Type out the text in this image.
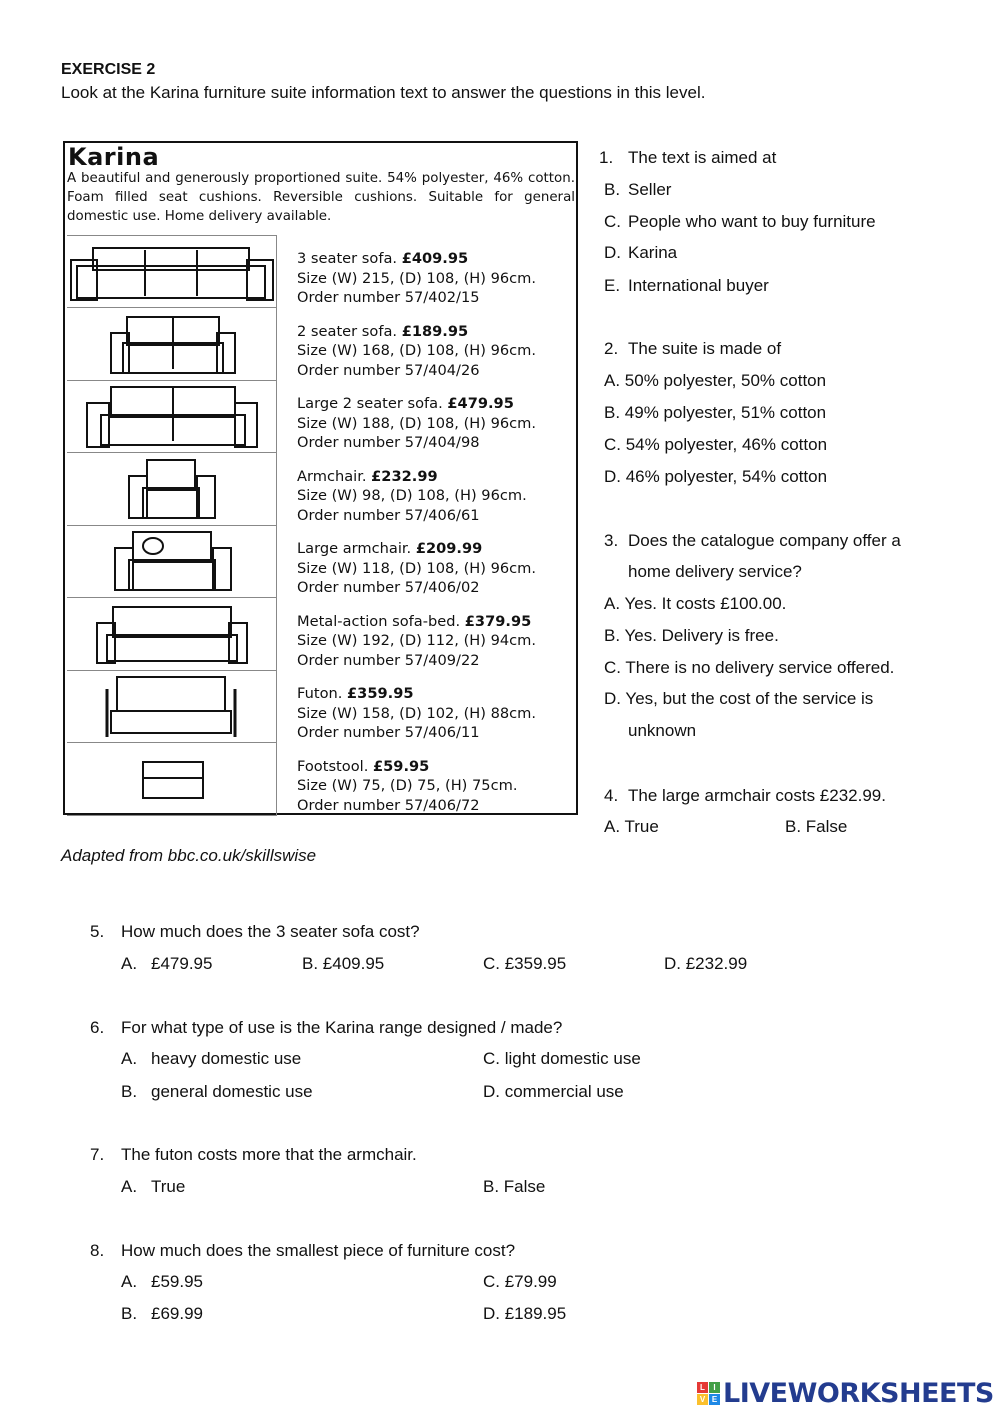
EXERCISE 2
Look at the Karina furniture suite information text to answer the questions in this level.
Karina
A beautiful and generously proportioned suite. 54% polyester, 46% cotton. Foam filled seat cushions. Reversible cushions. Suitable for general domestic use. Home delivery available.
3 seater sofa. £409.95
Size (W) 215, (D) 108, (H) 96cm.
Order number 57/402/15
2 seater sofa. £189.95
Size (W) 168, (D) 108, (H) 96cm.
Order number 57/404/26
Large 2 seater sofa. £479.95
Size (W) 188, (D) 108, (H) 96cm.
Order number 57/404/98
Armchair. £232.99
Size (W) 98, (D) 108, (H) 96cm.
Order number 57/406/61
Large armchair. £209.99
Size (W) 118, (D) 108, (H) 96cm.
Order number 57/406/02
Metal-action sofa-bed. £379.95
Size (W) 192, (D) 112, (H) 94cm.
Order number 57/409/22
Futon. £359.95
Size (W) 158, (D) 102, (H) 88cm.
Order number 57/406/11
Footstool. £59.95
Size (W) 75, (D) 75, (H) 75cm.
Order number 57/406/72
Adapted from bbc.co.uk/skillswise
1. The text is aimed at
B. Seller
C. People who want to buy furniture
D. Karina
E. International buyer
2. The suite is made of
A. 50% polyester, 50% cotton
B. 49% polyester, 51% cotton
C. 54% polyester, 46% cotton
D. 46% polyester, 54% cotton
3. Does the catalogue company offer a
home delivery service?
A. Yes. It costs £100.00.
B. Yes. Delivery is free.
C. There is no delivery service offered.
D. Yes, but the cost of the service is
unknown
4. The large armchair costs £232.99.
A. True	B. False
5. How much does the 3 seater sofa cost?
A. £479.95	B. £409.95	C. £359.95	D. £232.99
6. For what type of use is the Karina range designed / made?
A. heavy domestic use	C. light domestic use
B. general domestic use	D. commercial use
7. The futon costs more that the armchair.
A. True	B. False
8. How much does the smallest piece of furniture cost?
A. £59.95	C. £79.99
B. £69.99	D. £189.95
L	I
V E LIVEWORKSHEETS
